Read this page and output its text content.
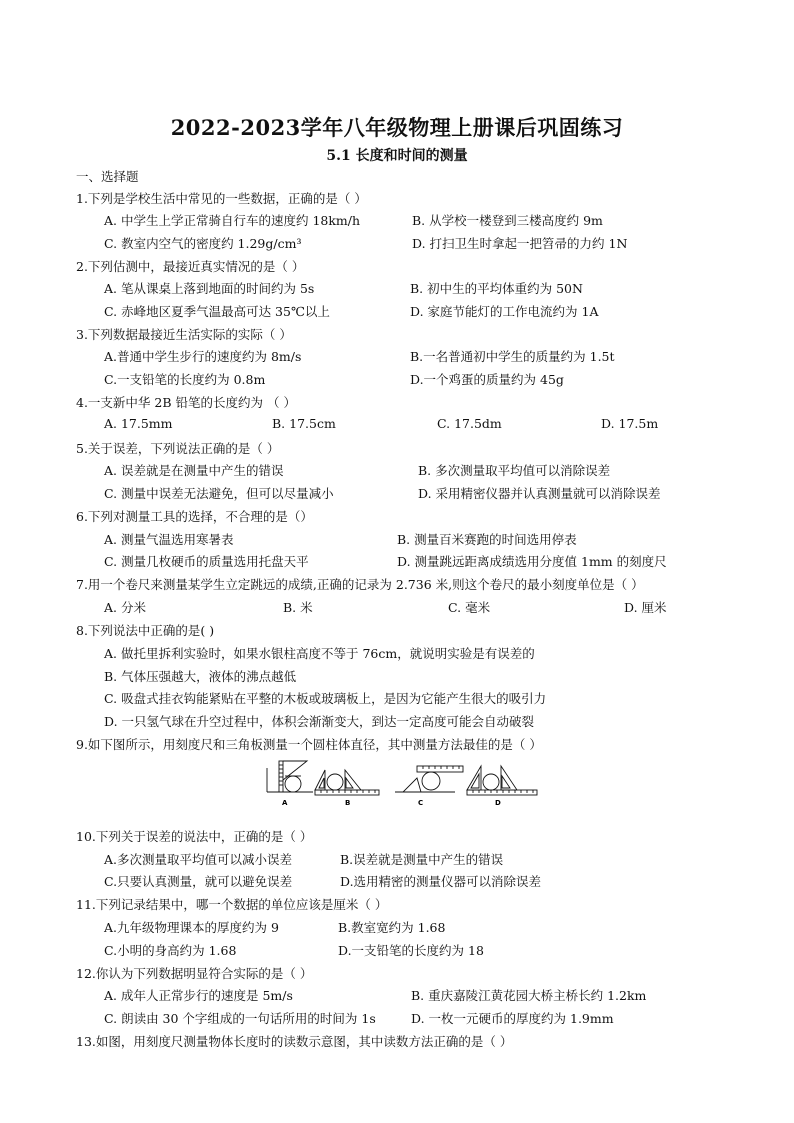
2022-2023学年八年级物理上册课后巩固练习
5.1 长度和时间的测量
一、选择题
1.下列是学校生活中常见的一些数据，正确的是（ ）
A. 中学生上学正常骑自行车的速度约 18km/h	B. 从学校一楼登到三楼高度约 9m
C. 教室内空气的密度约 1.29g/cm³	D. 打扫卫生时拿起一把笤帚的力约 1N
2.下列估测中，最接近真实情况的是（ ）
A. 笔从课桌上落到地面的时间约为 5s	B. 初中生的平均体重约为 50N
C. 赤峰地区夏季气温最高可达 35℃以上	D. 家庭节能灯的工作电流约为 1A
3.下列数据最接近生活实际的实际（ ）
A.普通中学生步行的速度约为 8m/s	B.一名普通初中学生的质量约为 1.5t
C.一支铅笔的长度约为 0.8m	D.一个鸡蛋的质量约为 45g
4.一支新中华 2B 铅笔的长度约为 （ ）
A. 17.5mm	B. 17.5cm	C. 17.5dm	D. 17.5m
5.关于误差，下列说法正确的是（ ）
A. 误差就是在测量中产生的错误	B. 多次测量取平均值可以消除误差
C. 测量中误差无法避免，但可以尽量减小	D. 采用精密仪器并认真测量就可以消除误差
6.下列对测量工具的选择，不合理的是（）
A. 测量气温选用寒暑表	B. 测量百米赛跑的时间选用停表
C. 测量几枚硬币的质量选用托盘天平	D. 测量跳远距离成绩选用分度值 1mm 的刻度尺
7.用一个卷尺来测量某学生立定跳远的成绩,正确的记录为 2.736 米,则这个卷尺的最小刻度单位是（ ）
A. 分米	B. 米	C. 毫米	D. 厘米
8.下列说法中正确的是( )
A. 做托里拆利实验时，如果水银柱高度不等于 76cm，就说明实验是有误差的
B. 气体压强越大，液体的沸点越低
C. 吸盘式挂衣钩能紧贴在平整的木板或玻璃板上，是因为它能产生很大的吸引力
D. 一只氢气球在升空过程中，体积会渐渐变大，到达一定高度可能会自动破裂
9.如下图所示，用刻度尺和三角板测量一个圆柱体直径，其中测量方法最佳的是（ ）
A	B	C	D
10.下列关于误差的说法中，正确的是（ ）
A.多次测量取平均值可以减小误差	B.误差就是测量中产生的错误
C.只要认真测量，就可以避免误差	D.选用精密的测量仪器可以消除误差
11.下列记录结果中，哪一个数据的单位应该是厘米（ ）
A.九年级物理课本的厚度约为 9	B.教室宽约为 1.68
C.小明的身高约为 1.68	D.一支铅笔的长度约为 18
12.你认为下列数据明显符合实际的是（ ）
A. 成年人正常步行的速度是 5m/s	B. 重庆嘉陵江黄花园大桥主桥长约 1.2km
C. 朗读由 30 个字组成的一句话所用的时间为 1s	D. 一枚一元硬币的厚度约为 1.9mm
13.如图，用刻度尺测量物体长度时的读数示意图，其中读数方法正确的是（ ）
